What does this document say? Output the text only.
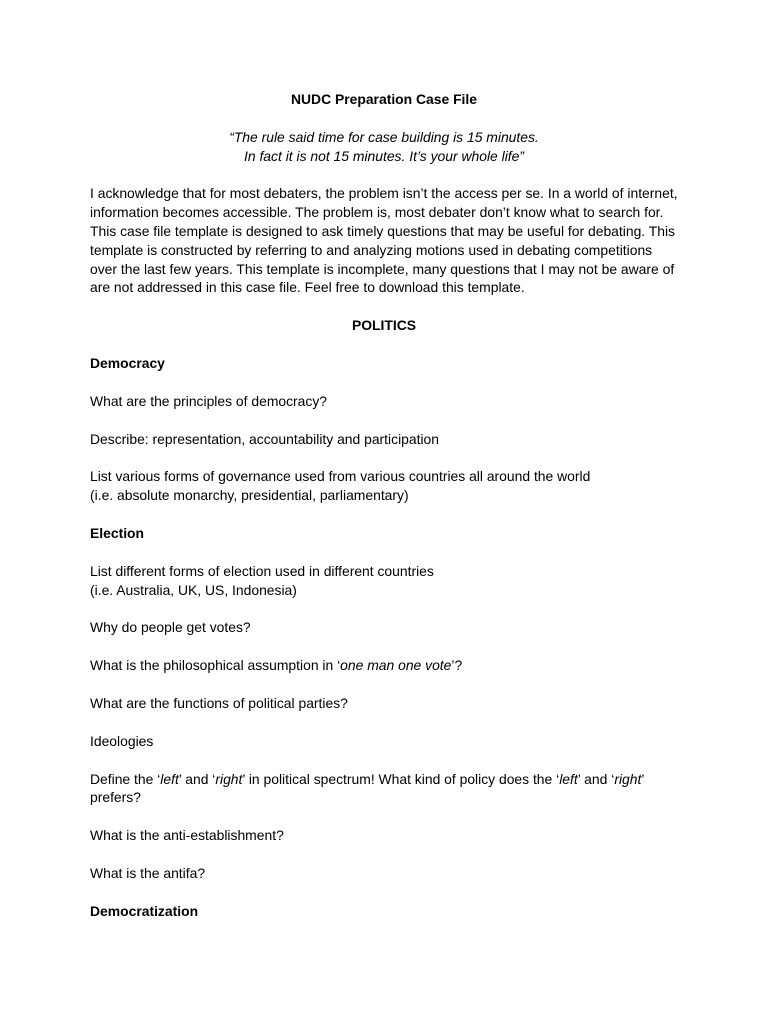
NUDC Preparation Case File

“The rule said time for case building is 15 minutes.
In fact it is not 15 minutes. It’s your whole life”

I acknowledge that for most debaters, the problem isn’t the access per se. In a world of internet,
information becomes accessible. The problem is, most debater don’t know what to search for.
This case file template is designed to ask timely questions that may be useful for debating. This
template is constructed by referring to and analyzing motions used in debating competitions
over the last few years. This template is incomplete, many questions that I may not be aware of
are not addressed in this case file. Feel free to download this template.

POLITICS

Democracy

What are the principles of democracy?

Describe: representation, accountability and participation

List various forms of governance used from various countries all around the world
(i.e. absolute monarchy, presidential, parliamentary)

Election

List different forms of election used in different countries
(i.e. Australia, UK, US, Indonesia)

Why do people get votes?

What is the philosophical assumption in ‘one man one vote’?

What are the functions of political parties?

Ideologies

Define the ‘left’ and ‘right’ in political spectrum! What kind of policy does the ‘left’ and ‘right’
prefers?

What is the anti-establishment?

What is the antifa?

Democratization
